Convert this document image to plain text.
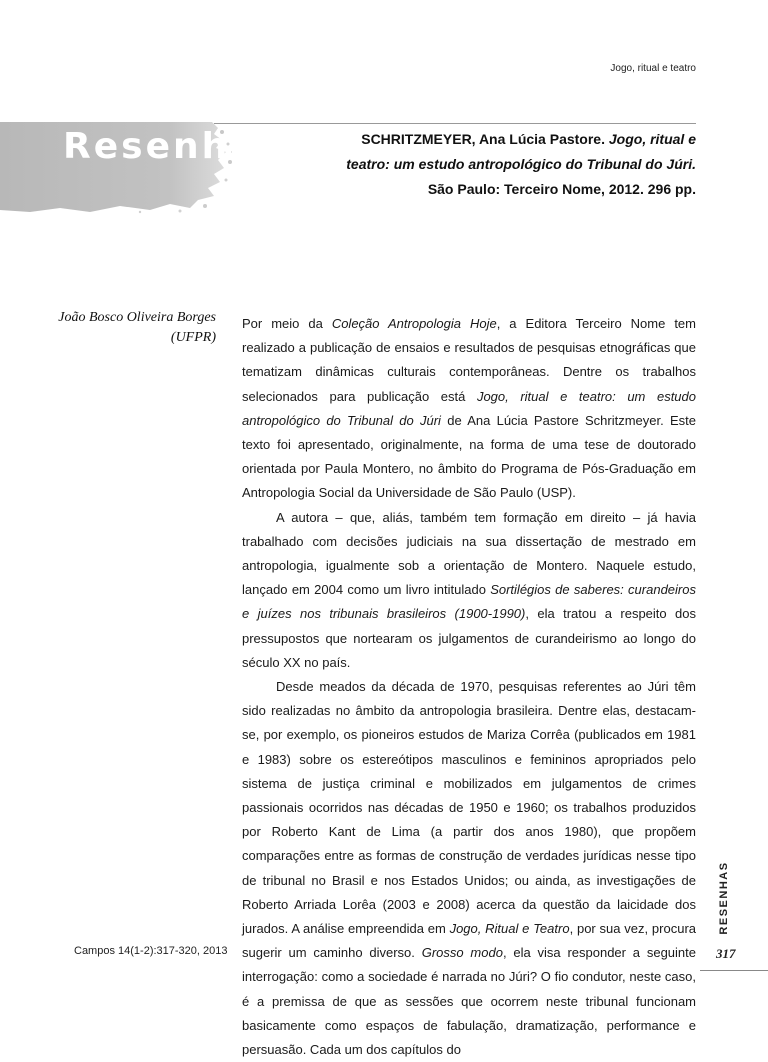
Jogo, ritual e teatro
Resenha	SCHRITZMEYER, Ana Lúcia Pastore. Jogo, ritual e
teatro: um estudo antropológico do Tribunal do Júri.
São Paulo: Terceiro Nome, 2012. 296 pp.
João Bosco Oliveira Borges
(UFPR)

Por meio da Coleção Antropologia Hoje, a Editora Terceiro Nome tem realizado a publicação de ensaios e resultados de pesquisas etnográficas que tematizam dinâmicas culturais contemporâneas. Dentre os trabalhos selecionados para publicação está Jogo, ritual e teatro: um estudo antropológico do Tribunal do Júri de Ana Lúcia Pastore Schritzmeyer. Este texto foi apresentado, originalmente, na forma de uma tese de doutorado orientada por Paula Montero, no âmbito do Programa de Pós-Graduação em Antropologia Social da Universidade de São Paulo (USP).

A autora – que, aliás, também tem formação em direito – já havia trabalhado com decisões judiciais na sua dissertação de mestrado em antropologia, igualmente sob a orientação de Montero. Naquele estudo, lançado em 2004 como um livro intitulado Sortilégios de saberes: curandeiros e juízes nos tribunais brasileiros (1900-1990), ela tratou a respeito dos pressupostos que nortearam os julgamentos de curandeirismo ao longo do século XX no país.

Desde meados da década de 1970, pesquisas referentes ao Júri têm sido realizadas no âmbito da antropologia brasileira. Dentre elas, destacam-se, por exemplo, os pioneiros estudos de Mariza Corrêa (publicados em 1981 e 1983) sobre os estereótipos masculinos e femininos apropriados pelo sistema de justiça criminal e mobilizados em julgamentos de crimes passionais ocorridos nas décadas de 1950 e 1960; os trabalhos produzidos por Roberto Kant de Lima (a partir dos anos 1980), que propõem comparações entre as formas de construção de verdades jurídicas nesse tipo de tribunal no Brasil e nos Estados Unidos; ou ainda, as investigações de Roberto Arriada Lorêa (2003 e 2008) acerca da questão da laicidade dos jurados. A análise empreendida em Jogo, Ritual e Teatro, por sua vez, procura sugerir um caminho diverso. Grosso modo, ela visa responder a seguinte interrogação: como a sociedade é narrada no Júri? O fio condutor, neste caso, é a premissa de que as sessões que ocorrem neste tribunal funcionam basicamente como espaços de fabulação, dramatização, performance e persuasão. Cada um dos capítulos do

Campos 14(1-2):317-320, 2013
RESENHAS
317
